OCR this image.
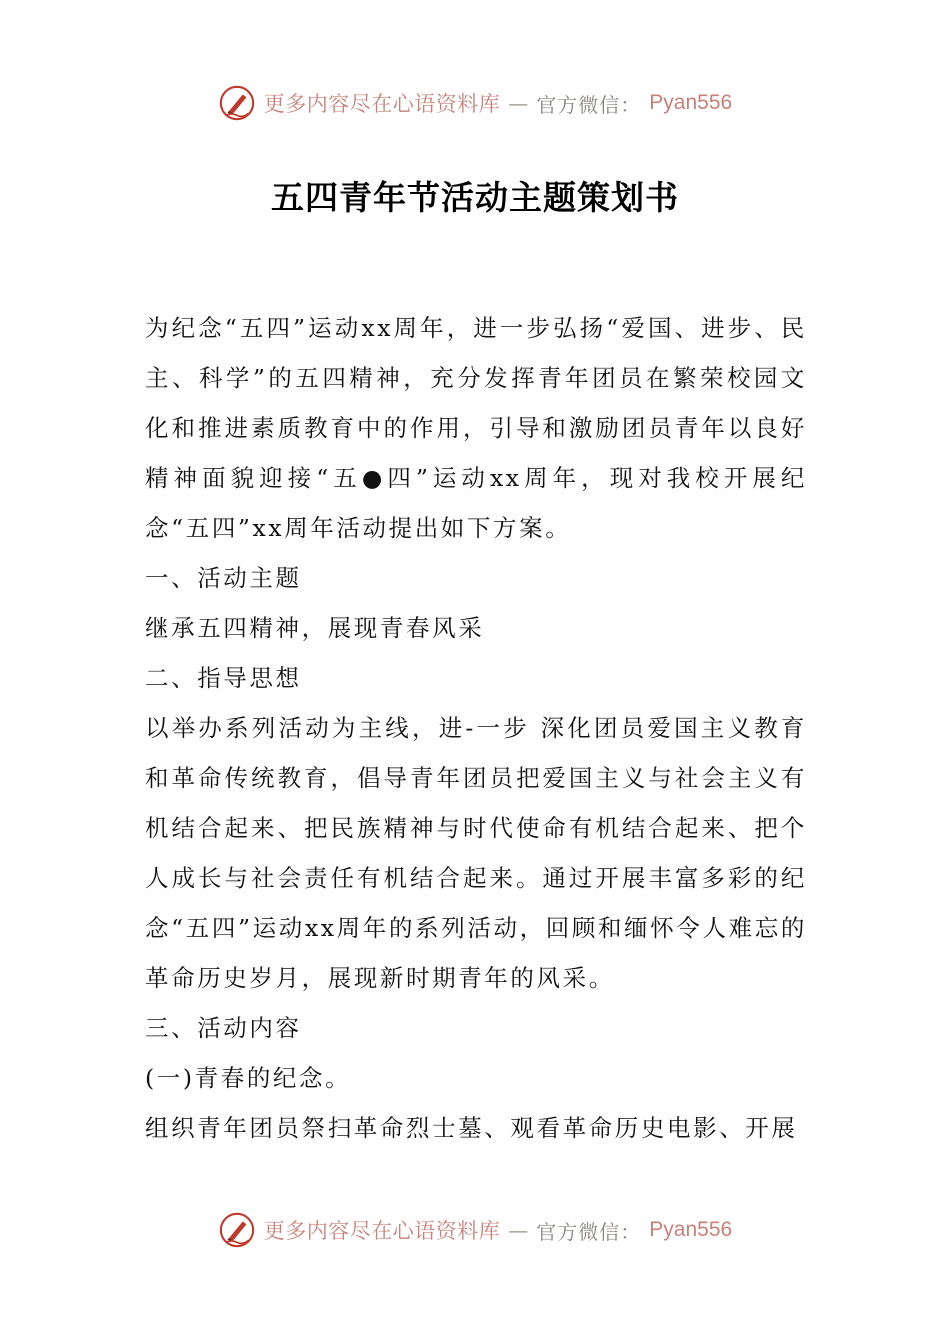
更多内容尽在心语资料库 — 官方微信： Pyan556
五四青年节活动主题策划书

为纪念“五四”运动xx周年，进一步弘扬“爱国、进步、民主、科学”的五四精神，充分发挥青年团员在繁荣校园文化和推进素质教育中的作用，引导和激励团员青年以良好精神面貌迎接“五●四”运动xx周年，现对我校开展纪念“五四”xx周年活动提出如下方案。

一、活动主题

继承五四精神，展现青春风采

二、指导思想

以举办系列活动为主线，进-一步 深化团员爱国主义教育和革命传统教育，倡导青年团员把爱国主义与社会主义有机结合起来、把民族精神与时代使命有机结合起来、把个人成长与社会责任有机结合起来。通过开展丰富多彩的纪念“五四”运动xx周年的系列活动，回顾和缅怀令人难忘的革命历史岁月，展现新时期青年的风采。

三、活动内容

(一)青春的纪念。

组织青年团员祭扫革命烈士墓、观看革命历史电影、开展

更多内容尽在心语资料库 — 官方微信： Pyan556
